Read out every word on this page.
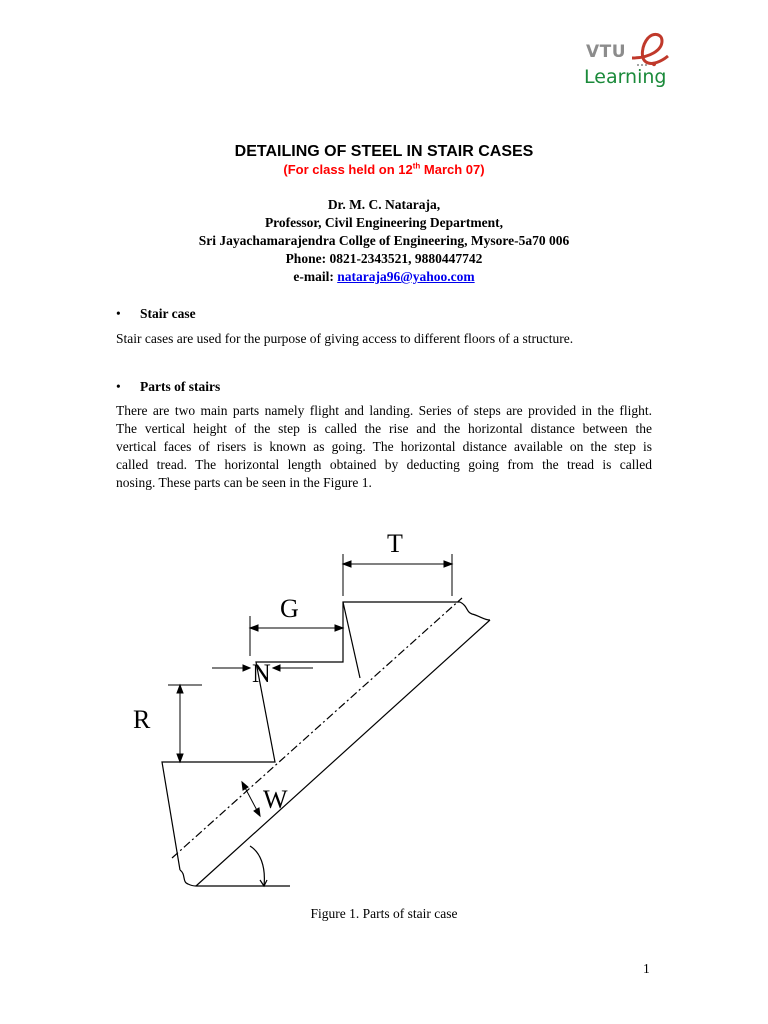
VTU
Learning
DETAILING OF STEEL IN STAIR CASES
(For class held on 12th March 07)
Dr. M. C. Nataraja,
Professor, Civil Engineering Department,
Sri Jayachamarajendra Collge of Engineering, Mysore-5a70 006
Phone: 0821-2343521, 9880447742
e-mail: nataraja96@yahoo.com
• Stair case
Stair cases are used for the purpose of giving access to different floors of a structure.
• Parts of stairs
There are two main parts namely flight and landing. Series of steps are provided in the flight.
The vertical height of the step is called the rise and the horizontal distance between the
vertical faces of risers is known as going. The horizontal distance available on the step is
called tread. The horizontal length obtained by deducting going from the tread is called
nosing. These parts can be seen in the Figure 1.
T
G
N
R
W
Figure 1. Parts of stair case
1
